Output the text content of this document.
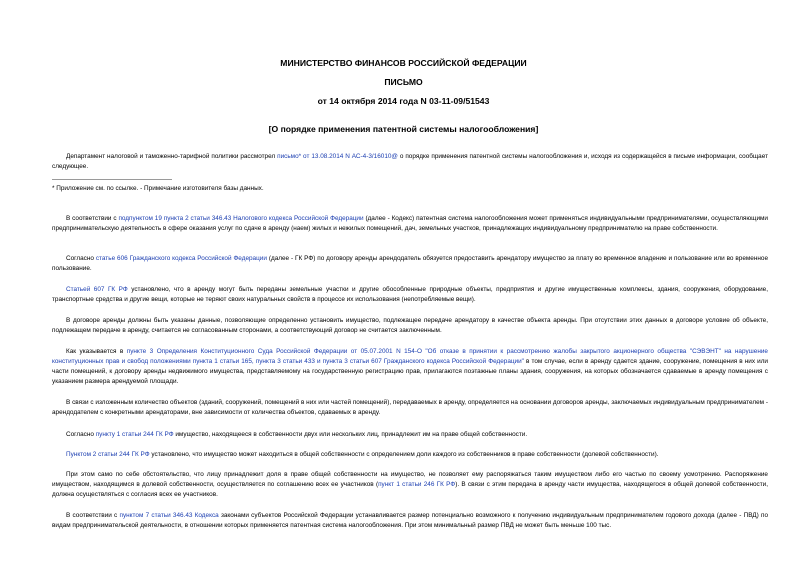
МИНИСТЕРСТВО ФИНАНСОВ РОССИЙСКОЙ ФЕДЕРАЦИИ
ПИСЬМО
от 14 октября 2014 года N 03-11-09/51543
[О порядке применения патентной системы налогообложения]
Департамент налоговой и таможенно-тарифной политики рассмотрел письмо* от 13.08.2014 N АС-4-3/16010@ о порядке применения патентной системы налогообложения и, исходя из содержащейся в письме информации, сообщает следующее.
* Приложение см. по ссылке. - Примечание изготовителя базы данных.
В соответствии с подпунктом 19 пункта 2 статьи 346.43 Налогового кодекса Российской Федерации (далее - Кодекс) патентная система налогообложения может применяться индивидуальными предпринимателями, осуществляющими предпринимательскую деятельность в сфере оказания услуг по сдаче в аренду (наем) жилых и нежилых помещений, дач, земельных участков, принадлежащих индивидуальному предпринимателю на праве собственности.
Согласно статье 606 Гражданского кодекса Российской Федерации (далее - ГК РФ) по договору аренды арендодатель обязуется предоставить арендатору имущество за плату во временное владение и пользование или во временное пользование.
Статьей 607 ГК РФ установлено, что в аренду могут быть переданы земельные участки и другие обособленные природные объекты, предприятия и другие имущественные комплексы, здания, сооружения, оборудование, транспортные средства и другие вещи, которые не теряют своих натуральных свойств в процессе их использования (непотребляемые вещи).
В договоре аренды должны быть указаны данные, позволяющие определенно установить имущество, подлежащее передаче арендатору в качестве объекта аренды. При отсутствии этих данных в договоре условие об объекте, подлежащем передаче в аренду, считается не согласованным сторонами, а соответствующий договор не считается заключенным.
Как указывается в пункте 3 Определения Конституционного Суда Российской Федерации от 05.07.2001 N 154-О "Об отказе в принятии к рассмотрению жалобы закрытого акционерного общества "СЭВЭНТ" на нарушение конституционных прав и свобод положениями пункта 1 статьи 165, пункта 3 статьи 433 и пункта 3 статьи 607 Гражданского кодекса Российской Федерации" в том случае, если в аренду сдается здание, сооружение, помещения в них или части помещений, к договору аренды недвижимого имущества, представляемому на государственную регистрацию прав, прилагаются поэтажные планы здания, сооружения, на которых обозначается сдаваемые в аренду помещения с указанием размера арендуемой площади.
В связи с изложенным количество объектов (зданий, сооружений, помещений в них или частей помещений), передаваемых в аренду, определяется на основании договоров аренды, заключаемых индивидуальным предпринимателем - арендодателем с конкретными арендаторами, вне зависимости от количества объектов, сдаваемых в аренду.
Согласно пункту 1 статьи 244 ГК РФ имущество, находящееся в собственности двух или нескольких лиц, принадлежит им на праве общей собственности.
Пунктом 2 статьи 244 ГК РФ установлено, что имущество может находиться в общей собственности с определением доли каждого из собственников в праве собственности (долевой собственности).
При этом само по себе обстоятельство, что лицу принадлежит доля в праве общей собственности на имущество, не позволяет ему распоряжаться таким имуществом либо его частью по своему усмотрению. Распоряжение имуществом, находящимся в долевой собственности, осуществляется по соглашению всех ее участников (пункт 1 статьи 246 ГК РФ). В связи с этим передача в аренду части имущества, находящегося в общей долевой собственности, должна осуществляться с согласия всех ее участников.
В соответствии с пунктом 7 статьи 346.43 Кодекса законами субъектов Российской Федерации устанавливается размер потенциально возможного к получению индивидуальным предпринимателем годового дохода (далее - ПВД) по видам предпринимательской деятельности, в отношении которых применяется патентная система налогообложения. При этом минимальный размер ПВД не может быть меньше 100 тыс.
